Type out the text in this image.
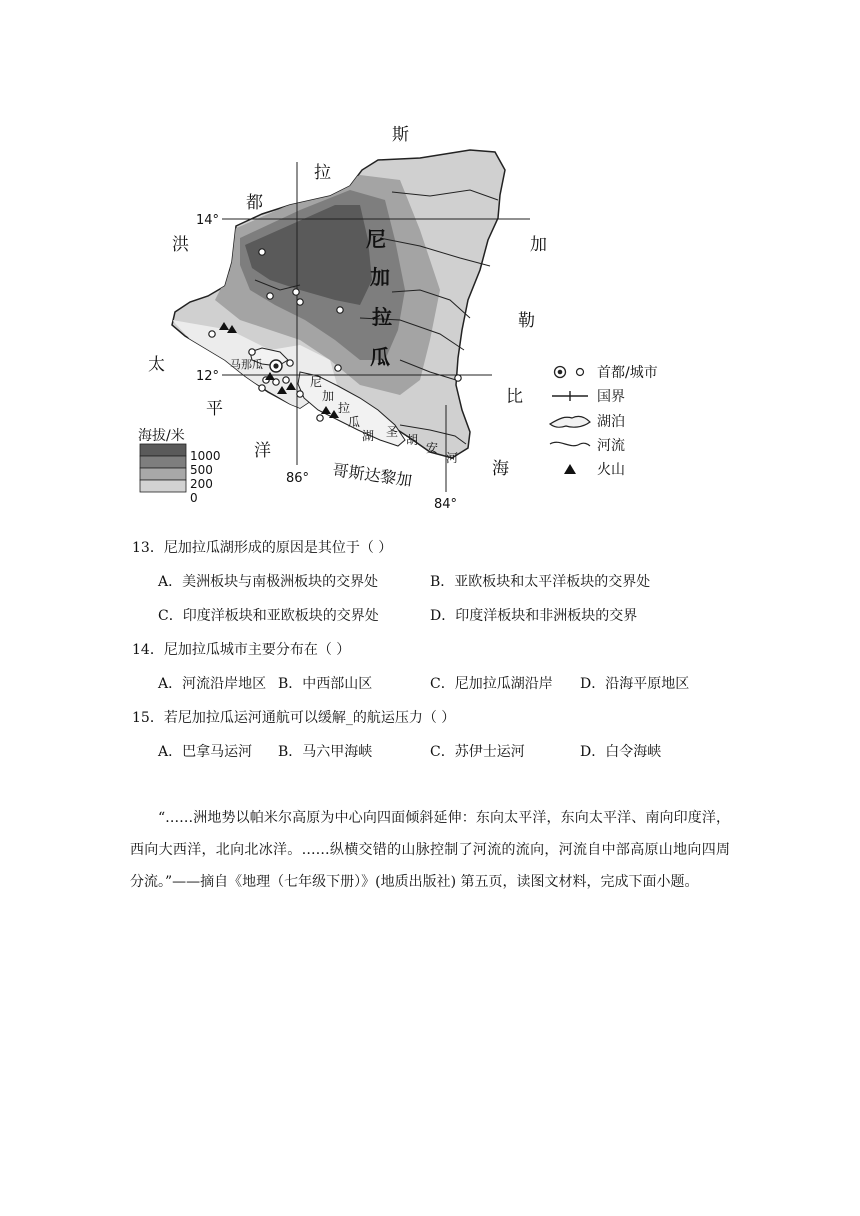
斯
拉
都
洪	加
勒
比
海
太
平
洋
尼
加
拉
瓜
尼
加
拉
瓜
湖 圣
胡
安
河
马那瓜
哥斯达黎加
14°
12°
86°
84°
海拔/米
1000
500
200
0
首都/城市
国界
湖泊
河流
火山
13．尼加拉瓜湖形成的原因是其位于（ ）
A．美洲板块与南极洲板块的交界处	B．亚欧板块和太平洋板块的交界处
C．印度洋板块和亚欧板块的交界处	D．印度洋板块和非洲板块的交界
14．尼加拉瓜城市主要分布在（ ）
A．河流沿岸地区 B．中西部山区	C．尼加拉瓜湖沿岸 D．沿海平原地区
15．若尼加拉瓜运河通航可以缓解_的航运压力（ ）
A．巴拿马运河 B．马六甲海峡	C．苏伊士运河	D．白令海峡
“……洲地势以帕米尔高原为中心向四面倾斜延伸：东向太平洋，东向太平洋、南向印度洋，西向大西洋，北向北冰洋。……纵横交错的山脉控制了河流的流向，河流自中部高原山地向四周分流。”——摘自《地理（七年级下册）》(地质出版社) 第五页，读图文材料，完成下面小题。
